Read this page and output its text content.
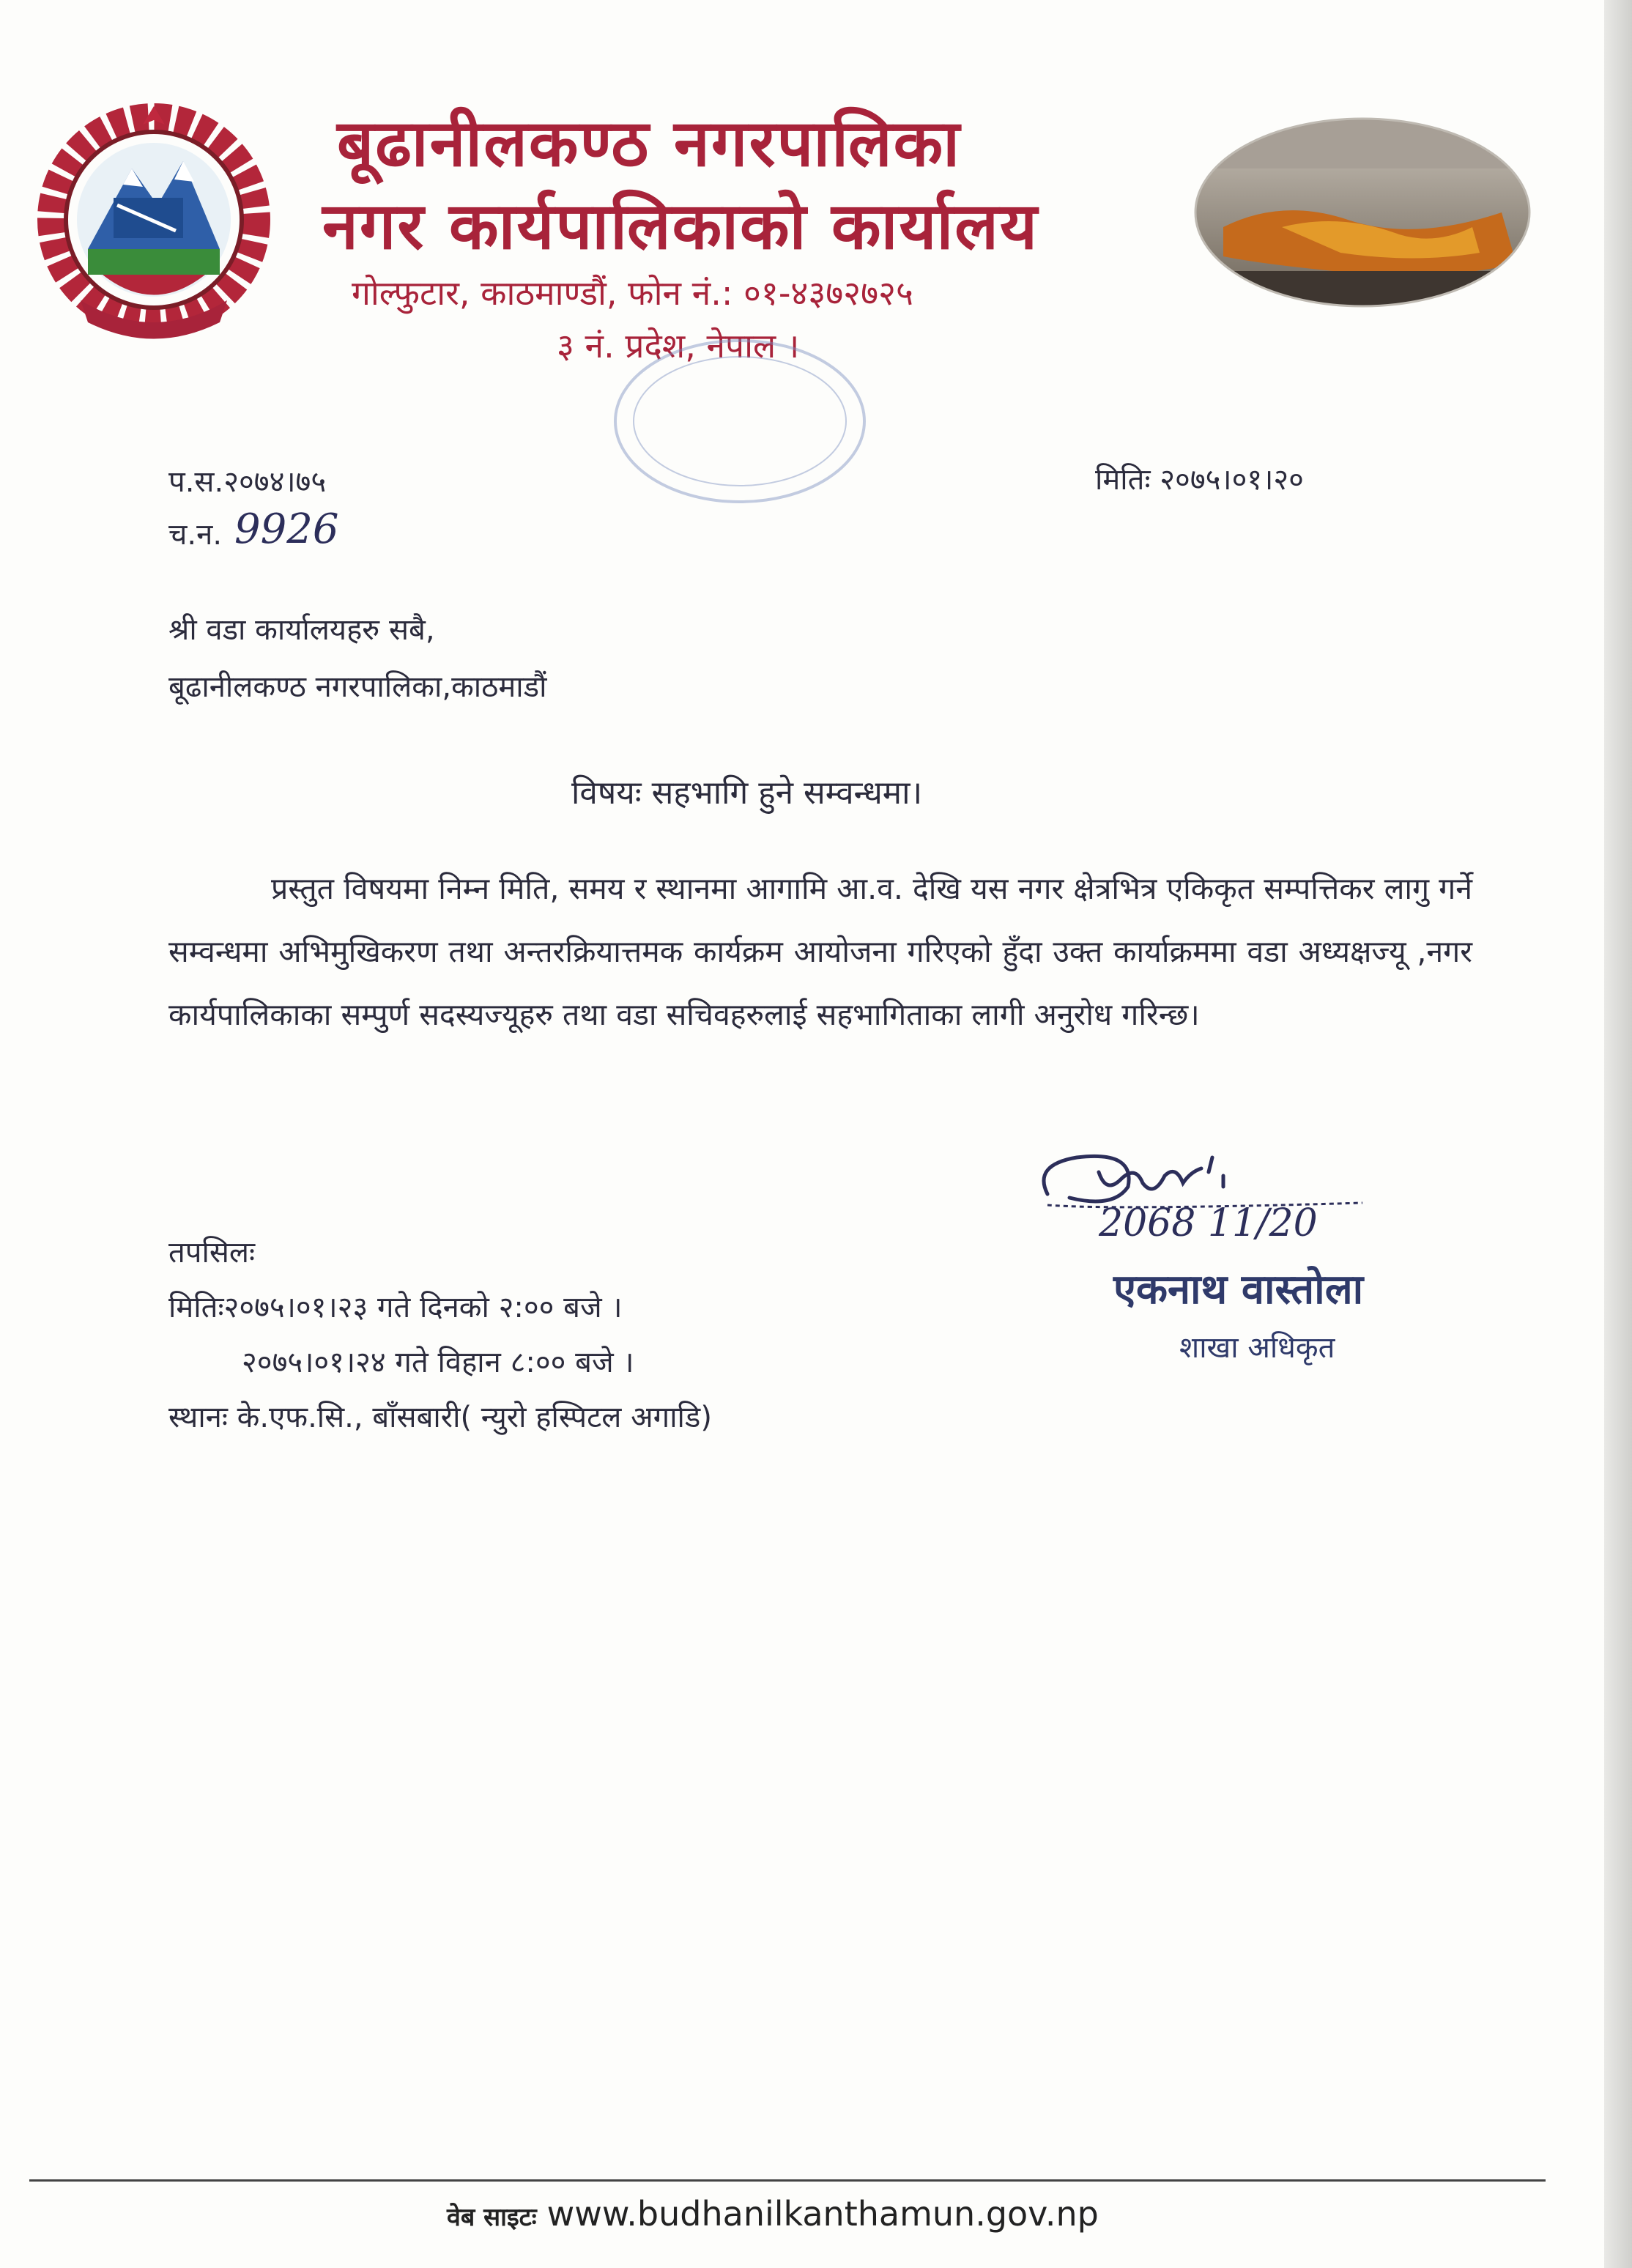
बूढानीलकण्ठ नगरपालिका
नगर कार्यपालिकाको कार्यालय
गोल्फुटार, काठमाण्डौं, फोन नं.: ०१-४३७२७२५
३ नं. प्रदेश, नेपाल ।
प.स.२०७४।७५
च.न. 9926
मितिः २०७५।०१।२०
श्री वडा कार्यालयहरु सबै,
बूढानीलकण्ठ नगरपालिका,काठमाडौं
विषयः सहभागि हुने सम्वन्धमा।

प्रस्तुत विषयमा निम्न मिति, समय र स्थानमा आगामि आ.व. देखि यस नगर क्षेत्रभित्र एकिकृत सम्पत्तिकर लागु गर्ने सम्वन्धमा अभिमुखिकरण तथा अन्तरक्रियात्तमक कार्यक्रम आयोजना गरिएको हुँदा उक्त कार्याक्रममा वडा अध्यक्षज्यू ,नगर कार्यपालिकाका सम्पुर्ण सदस्यज्यूहरु तथा वडा सचिवहरुलाई सहभागिताका लागी अनुरोध गरिन्छ।

2068 11/20
एकनाथ वास्तोला
शाखा अधिकृत
तपसिलः
मितिः२०७५।०१।२३ गते दिनको २:०० बजे ।
२०७५।०१।२४ गते विहान ८:०० बजे ।
स्थानः के.एफ.सि., बाँसबारी( न्युरो हस्पिटल अगाडि)
वेब साइटः www.budhanilkanthamun.gov.np
